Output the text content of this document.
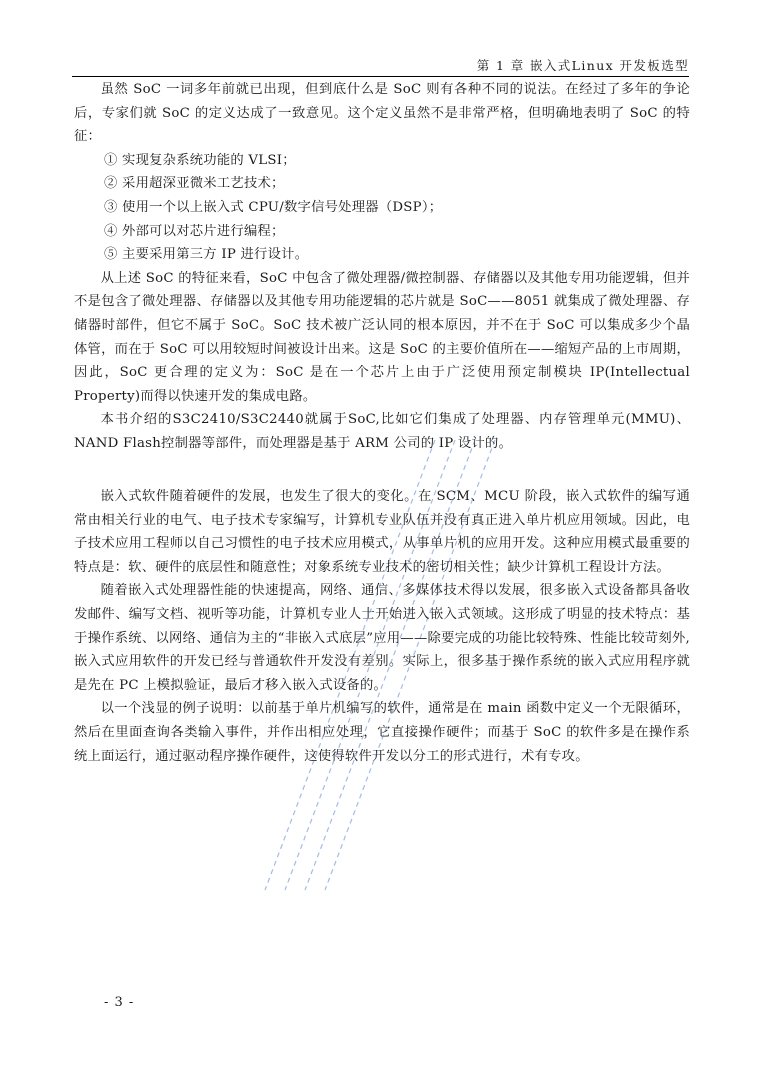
第 1 章 嵌入式Linux 开发板选型

虽然 SoC 一词多年前就已出现，但到底什么是 SoC 则有各种不同的说法。在经过了多年的争论后，专家们就 SoC 的定义达成了一致意见。这个定义虽然不是非常严格，但明确地表明了 SoC 的特征：

① 实现复杂系统功能的 VLSI；

② 采用超深亚微米工艺技术；

③ 使用一个以上嵌入式 CPU/数字信号处理器（DSP）；

④ 外部可以对芯片进行编程；

⑤ 主要采用第三方 IP 进行设计。

从上述 SoC 的特征来看，SoC 中包含了微处理器/微控制器、存储器以及其他专用功能逻辑，但并不是包含了微处理器、存储器以及其他专用功能逻辑的芯片就是 SoC——8051 就集成了微处理器、存储器时部件，但它不属于 SoC。SoC 技术被广泛认同的根本原因，并不在于 SoC 可以集成多少个晶体管，而在于 SoC 可以用较短时间被设计出来。这是 SoC 的主要价值所在——缩短产品的上市周期，因此，SoC 更合理的定义为：SoC 是在一个芯片上由于广泛使用预定制模块 IP(Intellectual Property)而得以快速开发的集成电路。

本书介绍的S3C2410/S3C2440就属于SoC,比如它们集成了处理器、内存管理单元(MMU)、NAND Flash控制器等部件，而处理器是基于 ARM 公司的 IP 设计的。

嵌入式软件随着硬件的发展，也发生了很大的变化。在 SCM、MCU 阶段，嵌入式软件的编写通常由相关行业的电气、电子技术专家编写，计算机专业队伍并没有真正进入单片机应用领域。因此，电子技术应用工程师以自己习惯性的电子技术应用模式，从事单片机的应用开发。这种应用模式最重要的特点是：软、硬件的底层性和随意性；对象系统专业技术的密切相关性；缺少计算机工程设计方法。

随着嵌入式处理器性能的快速提高，网络、通信、多媒体技术得以发展，很多嵌入式设备都具备收发邮件、编写文档、视听等功能，计算机专业人士开始进入嵌入式领域。这形成了明显的技术特点：基于操作系统、以网络、通信为主的“非嵌入式底层”应用——除要完成的功能比较特殊、性能比较苛刻外,嵌入式应用软件的开发已经与普通软件开发没有差别。实际上，很多基于操作系统的嵌入式应用程序就是先在 PC 上模拟验证，最后才移入嵌入式设备的。

以一个浅显的例子说明：以前基于单片机编写的软件，通常是在 main 函数中定义一个无限循环，然后在里面查询各类输入事件，并作出相应处理，它直接操作硬件；而基于 SoC 的软件多是在操作系统上面运行，通过驱动程序操作硬件，这使得软件开发以分工的形式进行，术有专攻。

- 3 -
